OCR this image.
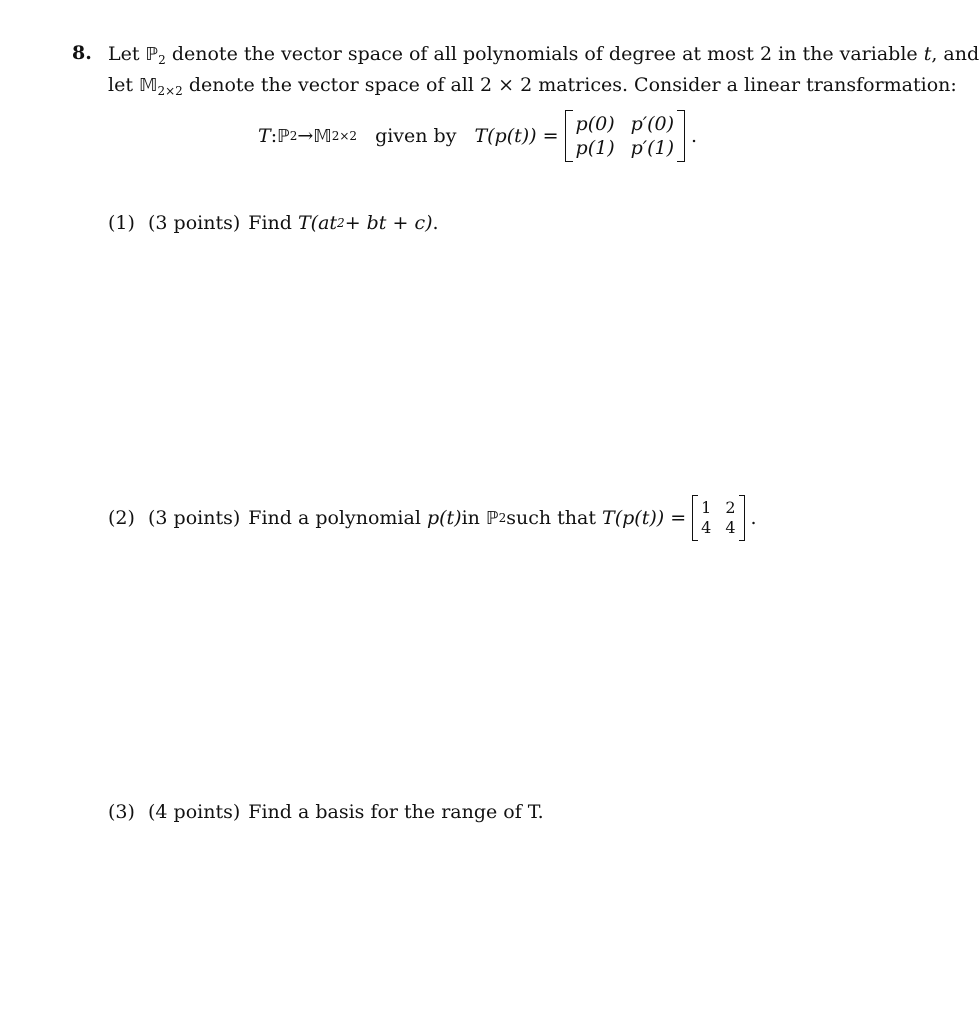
8. Let ℙ$_2$ denote the vector space of all polynomials of degree at most 2 in the variable t, and
let 𝕄$_{2\times 2}$ denote the vector space of all 2 × 2 matrices. Consider a linear transformation:
T : ℙ 2 → 𝕄 2×2 given by T(p(t)) =
p(0) p′(0)
p(1) p′(1)
.
(1) (3 points) Find
T(at 2 + bt + c) .
(2) (3 points) Find a polynomial
p(t) in
ℙ 2 such that
T(p(t)) = 1 2
4 4 .
(3) (4 points) Find a basis for the range of T.
